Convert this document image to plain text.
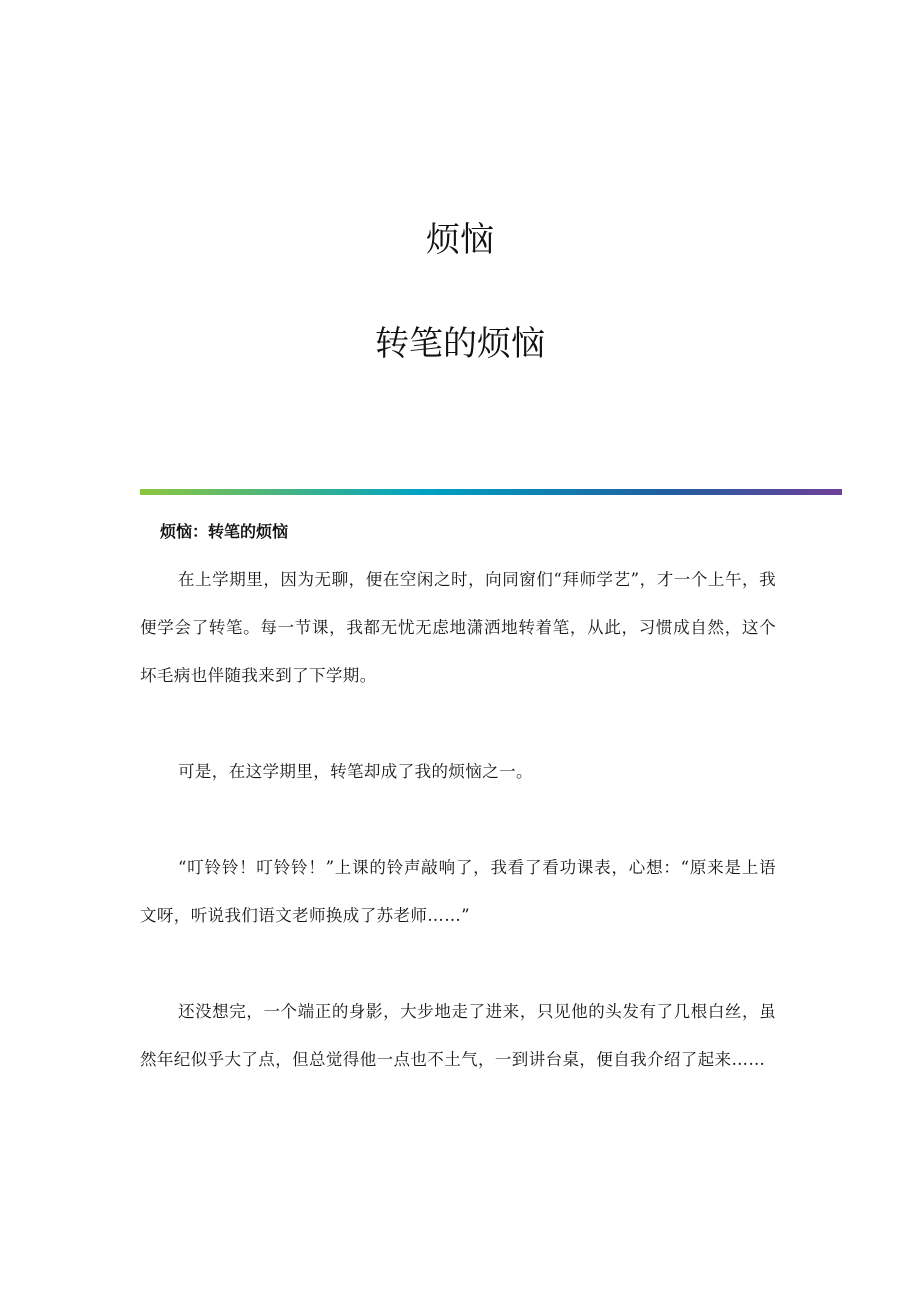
烦恼
转笔的烦恼
烦恼：转笔的烦恼

在上学期里，因为无聊，便在空闲之时，向同窗们“拜师学艺”，才一个上午，我便学会了转笔。每一节课，我都无忧无虑地潇洒地转着笔，从此，习惯成自然，这个坏毛病也伴随我来到了下学期。

可是，在这学期里，转笔却成了我的烦恼之一。

“叮铃铃！叮铃铃！”上课的铃声敲响了，我看了看功课表，心想：“原来是上语文呀，听说我们语文老师换成了苏老师……”

还没想完，一个端正的身影，大步地走了进来，只见他的头发有了几根白丝，虽然年纪似乎大了点，但总觉得他一点也不土气，一到讲台桌，便自我介绍了起来……
